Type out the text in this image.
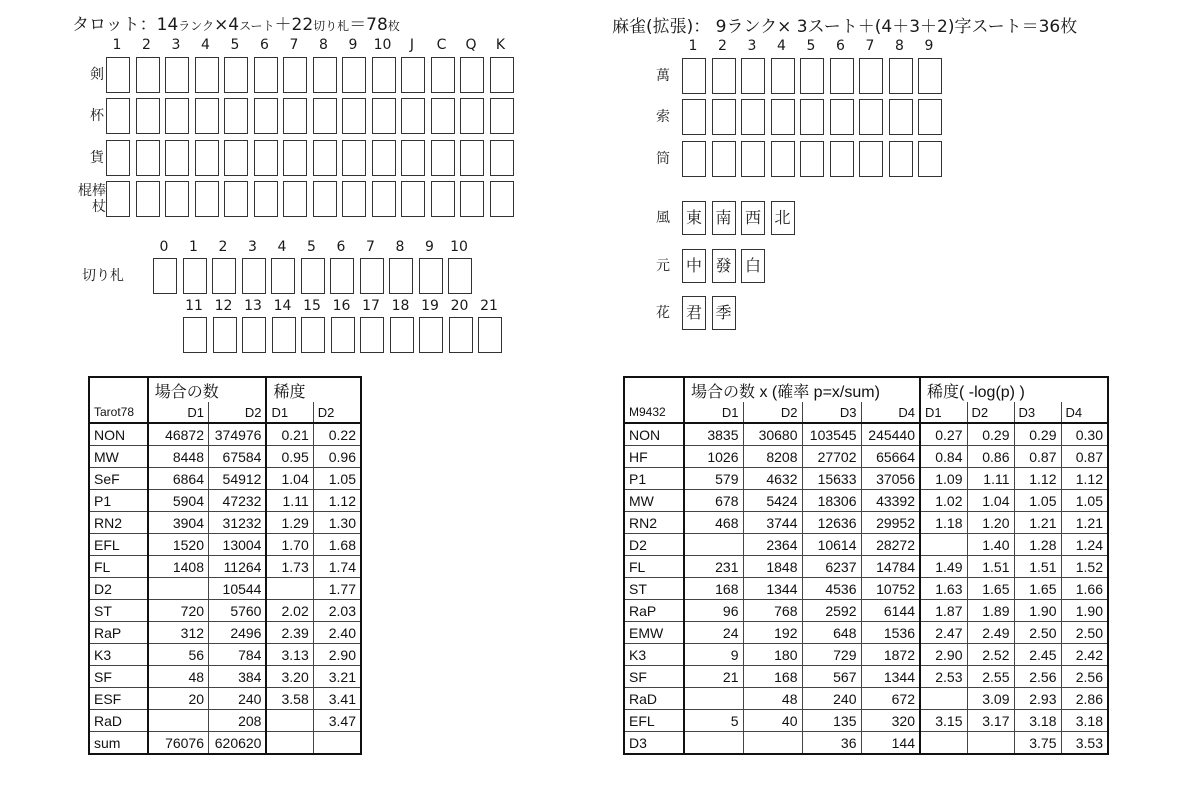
タロット：14ランク×4スート＋22切り札＝78枚
1	2	3	4	5	6	7	8	9	10	J	C	Q	K
剣
杯
貨
棍棒
杖
切り札
0	1	2	3	4	5	6	7	8	9	10
11 12 13 14 15 16 17 18 19 20 21
麻雀(拡張)： 9ランク× 3スート＋(4＋3＋2)字スート＝36枚
1	2	3	4	5	6	7	8	9
萬
索
筒
風 東 南 西 北
元 中 發 白
花 君 季
	場合の数		稀度	
Tarot78	D1	D2	D1	D2
NON	46872	374976	0.21	0.22
MW	8448	67584	0.95	0.96
SeF	6864	54912	1.04	1.05
P1	5904	47232	1.11	1.12
RN2	3904	31232	1.29	1.30
EFL	1520	13004	1.70	1.68
FL	1408	11264	1.73	1.74
D2		10544		1.77
ST	720	5760	2.02	2.03
RaP	312	2496	2.39	2.40
K3	56	784	3.13	2.90
SF	48	384	3.20	3.21
ESF	20	240	3.58	3.41
RaD		208		3.47
sum	76076	620620		
	場合の数 x (確率 p=x/sum)				稀度( -log(p) )			
M9432	D1	D2	D3	D4	D1	D2	D3	D4
NON	3835	30680	103545	245440	0.27	0.29	0.29	0.30
HF	1026	8208	27702	65664	0.84	0.86	0.87	0.87
P1	579	4632	15633	37056	1.09	1.11	1.12	1.12
MW	678	5424	18306	43392	1.02	1.04	1.05	1.05
RN2	468	3744	12636	29952	1.18	1.20	1.21	1.21
D2		2364	10614	28272		1.40	1.28	1.24
FL	231	1848	6237	14784	1.49	1.51	1.51	1.52
ST	168	1344	4536	10752	1.63	1.65	1.65	1.66
RaP	96	768	2592	6144	1.87	1.89	1.90	1.90
EMW	24	192	648	1536	2.47	2.49	2.50	2.50
K3	9	180	729	1872	2.90	2.52	2.45	2.42
SF	21	168	567	1344	2.53	2.55	2.56	2.56
RaD		48	240	672		3.09	2.93	2.86
EFL	5	40	135	320	3.15	3.17	3.18	3.18
D3			36	144			3.75	3.53
